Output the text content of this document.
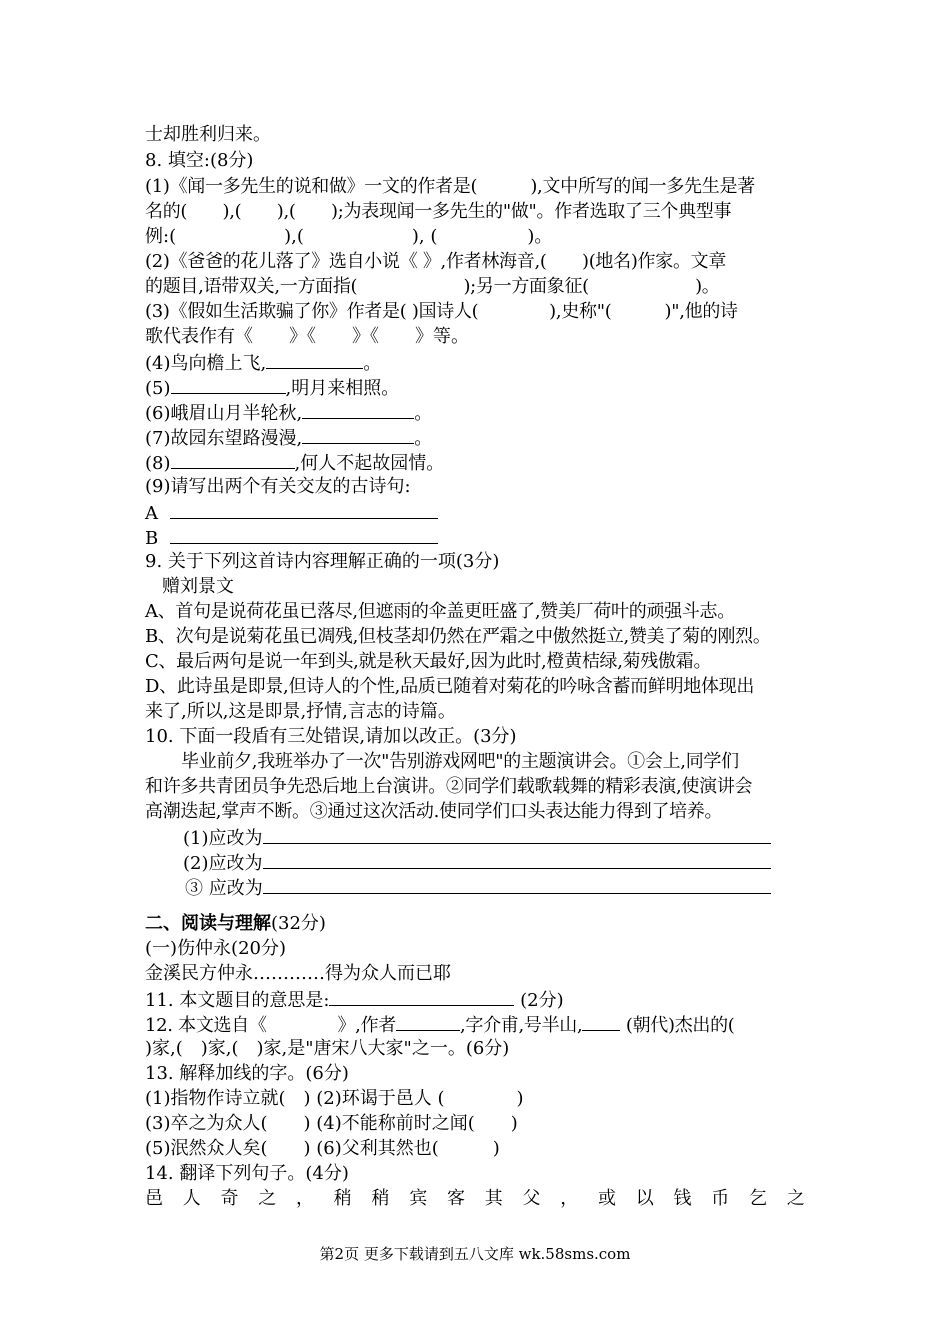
士却胜利归来。
8. 填空:(8分)
(1)《闻一多先生的说和做》一文的作者是(　　　),文中所写的闻一多先生是著
名的(　　),(　　),(　　);为表现闻一多先生的"做"。作者选取了三个典型事
例:(　　　　　　),(　　　　　　), (　　　　　)。
(2)《爸爸的花儿落了》选自小说《 》,作者林海音,(　　)(地名)作家。文章
的题目,语带双关,一方面指(　　　　　　);另一方面象征(　　　　　　)。
(3)《假如生活欺骗了你》作者是( )国诗人(　　　　),史称"(　　　)",他的诗
歌代表作有《　　》《　　》《　　》等。
(4)鸟向檐上飞,	。
(5)	,明月来相照。
(6)峨眉山月半轮秋,	。
(7)故园东望路漫漫,	。
(8)	,何人不起故园情。
(9)请写出两个有关交友的古诗句:
A
B
9. 关于下列这首诗内容理解正确的一项(3分)
赠刘景文
A、首句是说荷花虽已落尽,但遮雨的伞盖更旺盛了,赞美厂荷叶的顽强斗志。
B、次句是说菊花虽已凋残,但枝茎却仍然在严霜之中傲然挺立,赞美了菊的刚烈。
C、最后两句是说一年到头,就是秋天最好,因为此时,橙黄桔绿,菊残傲霜。
D、此诗虽是即景,但诗人的个性,品质已随着对菊花的吟咏含蓄而鲜明地体现出
来了,所以,这是即景,抒情,言志的诗篇。
10. 下面一段盾有三处错误,请加以改正。(3分)
毕业前夕,我班举办了一次"告别游戏网吧"的主题演讲会。①会上,同学们
和许多共青团员争先恐后地上台演讲。②同学们载歌载舞的精彩表演,使演讲会
高潮迭起,掌声不断。③通过这次活动.使同学们口头表达能力得到了培养。
(1)应改为
(2)应改为
③ 应改为
二、阅读与理解(32分)
(一)伤仲永(20分)
金溪民方仲永…………得为众人而已耶
11. 本文题目的意思是:	(2分)
12. 本文选自《　　　　》,作者	,字介甫,号半山, (朝代)杰出的(
)家,(　)家,(　)家,是"唐宋八大家"之一。(6分)
13. 解释加线的字。(6分)
(1)指物作诗立就(　) (2)环谒于邑人 (　　　　)
(3)卒之为众人(　　) (4)不能称前时之闻(　　)
(5)泯然众人矣(　　) (6)父利其然也(　　　)
14. 翻译下列句子。(4分)
邑 人 奇 之 ， 稍 稍 宾 客 其 父 ， 或 以 钱 币 乞 之
第2页 更多下载请到五八文库 wk.58sms.com
